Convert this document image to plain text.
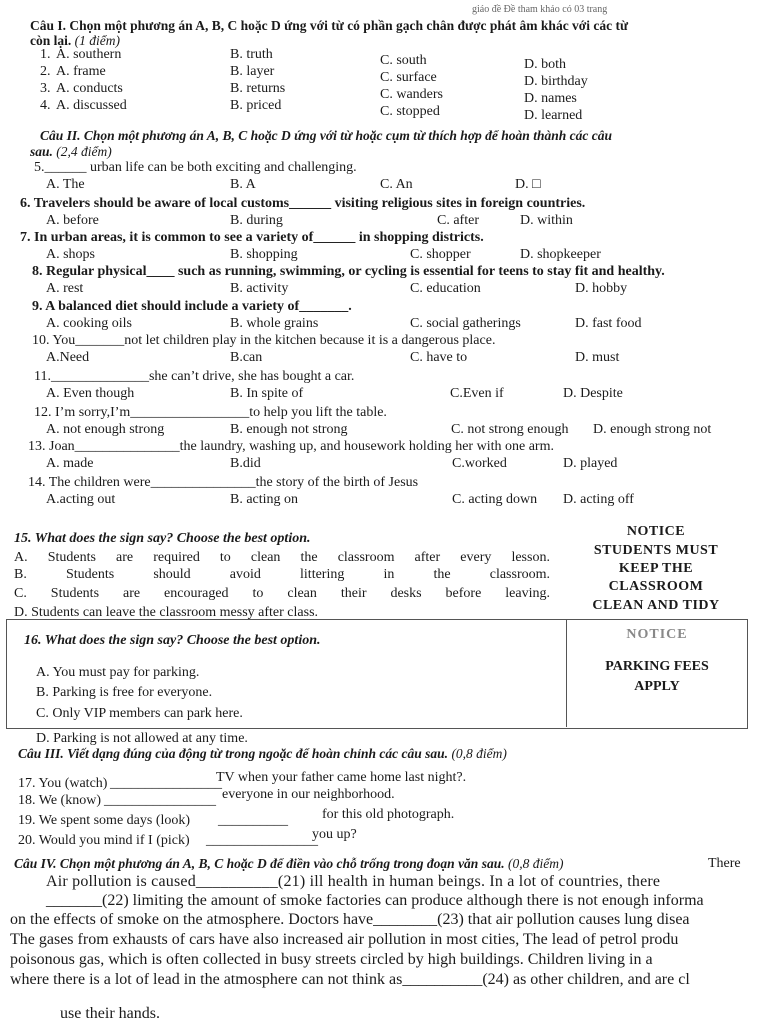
giáo đề Đề tham khảo có 03 trang
Câu I. Chọn một phương án A, B, C hoặc D ứng với từ có phần gạch chân được phát âm khác với các từ
còn lại. (1 điểm)
1. A. southern	B. truth	C. south	D. both
2. A. frame	B. layer	C. surface	D. birthday
3. A. conducts	B. returns	C. wanders	D. names
4. A. discussed	B. priced	C. stopped	D. learned
Câu II. Chọn một phương án A, B, C hoặc D ứng với từ hoặc cụm từ thích hợp để hoàn thành các câu
sau. (2,4 điểm)
5.______ urban life can be both exciting and challenging.
A. The	B. A	C. An	D. □
6. Travelers should be aware of local customs______ visiting religious sites in foreign countries.
A. before	B. during	C. after	D. within
7. In urban areas, it is common to see a variety of______ in shopping districts.
A. shops	B. shopping	C. shopper	D. shopkeeper
8. Regular physical____ such as running, swimming, or cycling is essential for teens to stay fit and healthy.
A. rest	B. activity	C. education	D. hobby
9. A balanced diet should include a variety of_______.
A. cooking oils	B. whole grains	C. social gatherings	D. fast food
10. You_______not let children play in the kitchen because it is a dangerous place.
A.Need	B.can	C. have to	D. must
11.______________she can’t drive, she has bought a car.
A. Even though	B. In spite of	C.Even if	D. Despite
12. I’m sorry,I’m_________________to help you lift the table.
A. not enough strong	B. enough not strong	C. not strong enough D. enough strong not
13. Joan_______________the laundry, washing up, and housework holding her with one arm.
A. made	B.did	C.worked	D. played
14. The children were_______________the story of the birth of Jesus
A.acting out	B. acting on	C. acting down D. acting off
15. What does the sign say? Choose the best option.
A. Students are required to clean the classroom after every lesson.
B.	Students	should	avoid	littering	in	the	classroom.
C. Students are encouraged to clean their desks before leaving.
D. Students can leave the classroom messy after class.
NOTICE
STUDENTS MUST
KEEP THE
CLASSROOM
CLEAN AND TIDY
16. What does the sign say? Choose the best option.
A. You must pay for parking.
B. Parking is free for everyone.
C. Only VIP members can park here.
D. Parking is not allowed at any time.
NOTICE
PARKING FEES
APPLY
Câu III. Viết dạng đúng của động từ trong ngoặc để hoàn chỉnh các câu sau. (0,8 điểm)
17. You (watch) ________________
TV when your father came home last night?.
18. We (know) ________________ everyone in our neighborhood.
19. We spent some days (look) __________ for this old photograph.
20. Would you mind if I (pick) ________________
you up?
Câu IV. Chọn một phương án A, B, C hoặc D để điền vào chỗ trống trong đoạn văn sau. (0,8 điểm)	There
Air pollution is caused__________(21) ill health in human beings. In a lot of countries, there
_______(22) limiting the amount of smoke factories can produce although there is not enough informa
on the effects of smoke on the atmosphere. Doctors have________(23) that air pollution causes lung disea
The gases from exhausts of cars have also increased air pollution in most cities, The lead of petrol produ
poisonous gas, which is often collected in busy streets circled by high buildings. Children living in a
where there is a lot of lead in the atmosphere can not think as__________(24) as other children, and are cl
use their hands.
